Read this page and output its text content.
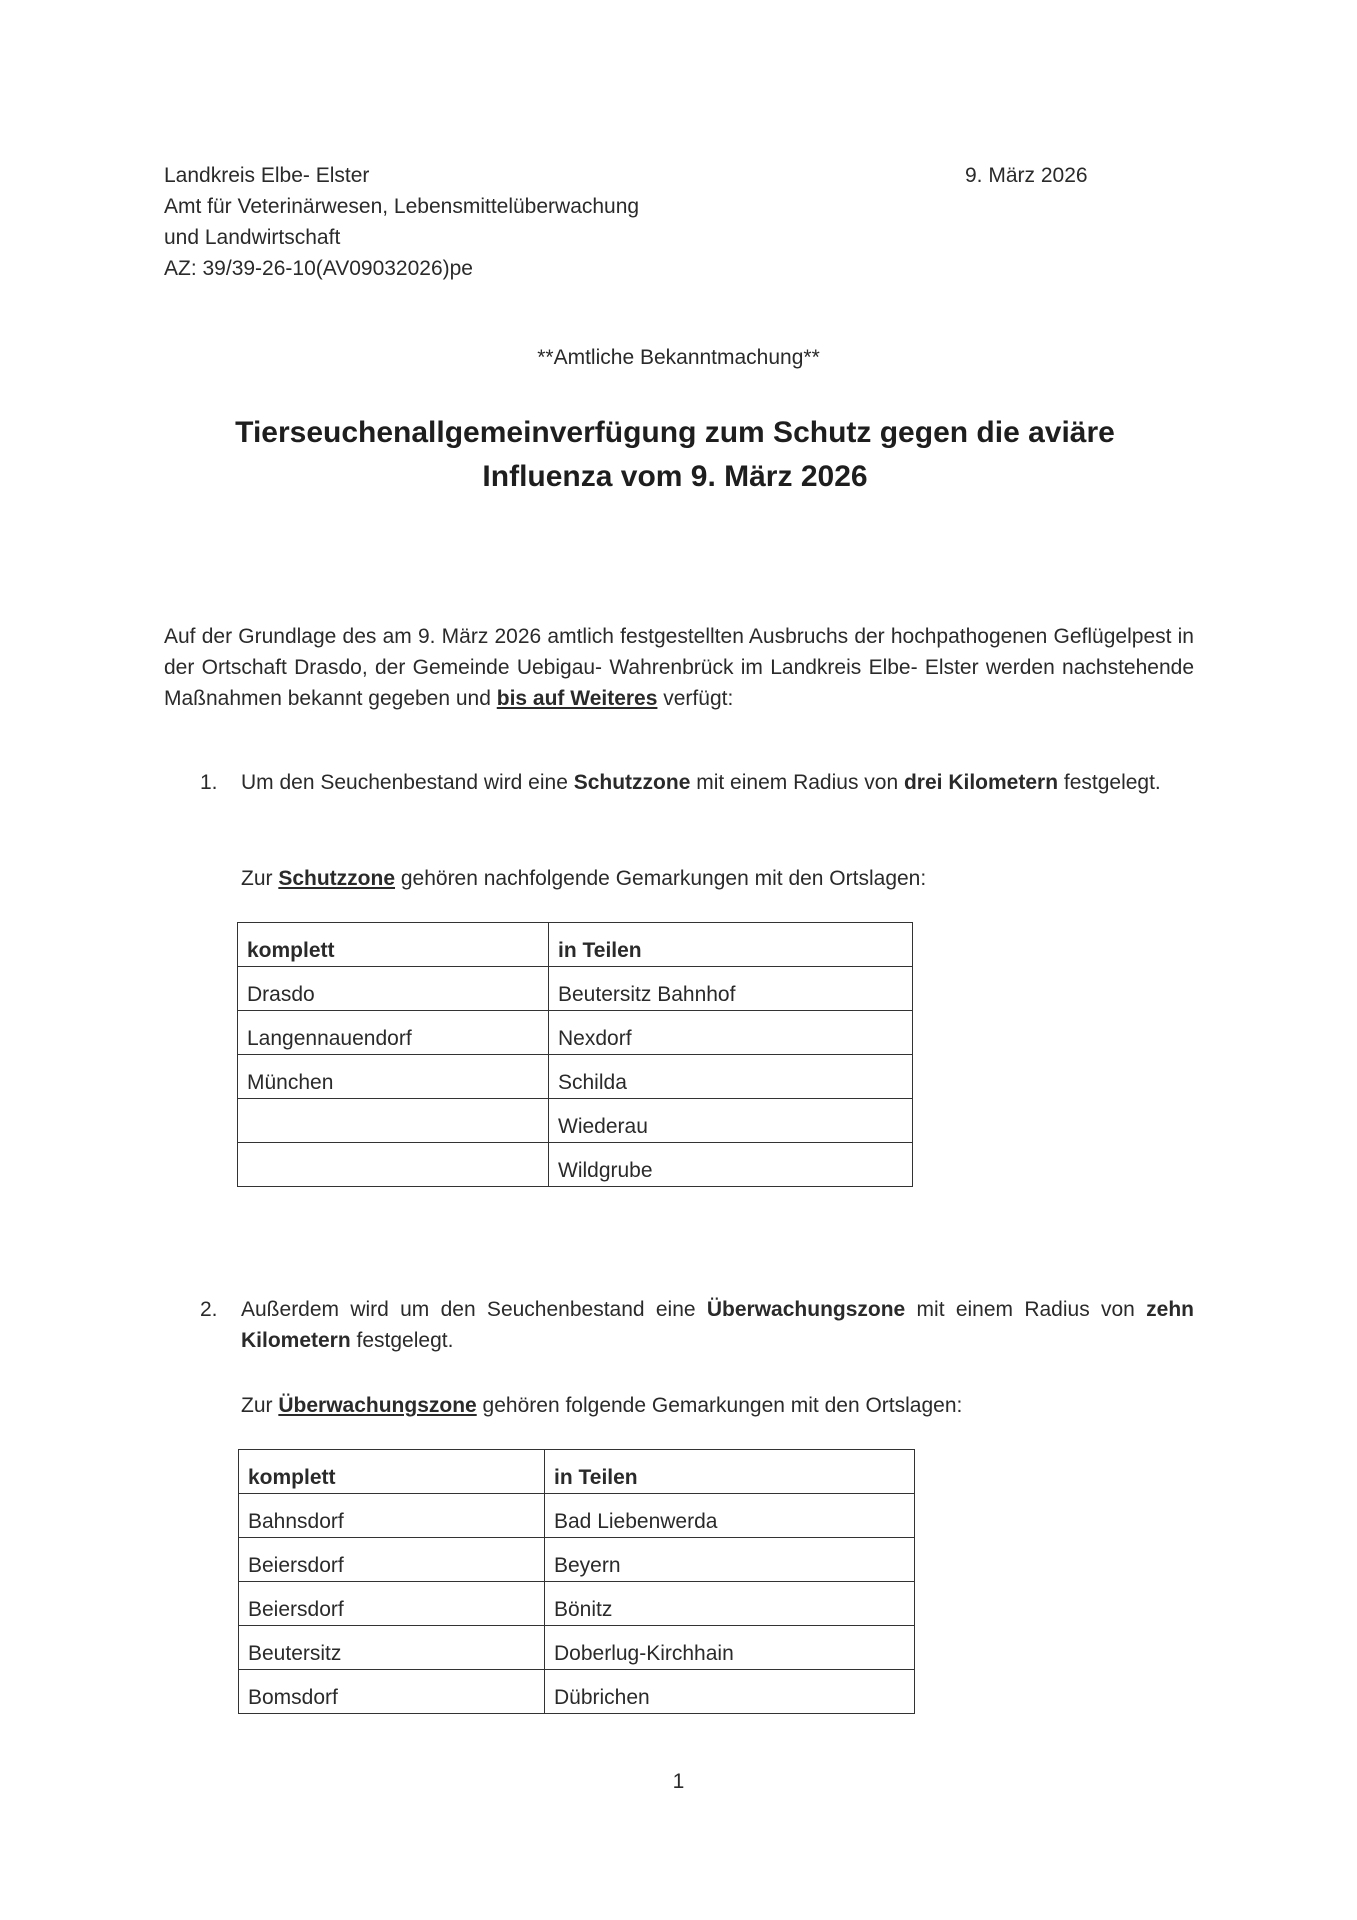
Landkreis Elbe- Elster
Amt für Veterinärwesen, Lebensmittelüberwachung
und Landwirtschaft
AZ: 39/39-26-10(AV09032026)pe
9. März 2026
**Amtliche Bekanntmachung**
Tierseuchenallgemeinverfügung zum Schutz gegen die aviäre
Influenza vom 9. März 2026
Auf der Grundlage des am 9. März 2026 amtlich festgestellten Ausbruchs der hochpathogenen Geflügelpest in der Ortschaft Drasdo, der Gemeinde Uebigau- Wahrenbrück im Landkreis Elbe- Elster werden nachstehende Maßnahmen bekannt gegeben und bis auf Weiteres verfügt:
1. Um den Seuchenbestand wird eine Schutzzone mit einem Radius von drei Kilometern festgelegt.
Zur Schutzzone gehören nachfolgende Gemarkungen mit den Ortslagen:
komplett	in Teilen
Drasdo	Beutersitz Bahnhof
Langennauendorf	Nexdorf
München	Schilda
	Wiederau
	Wildgrube
2. Außerdem wird um den Seuchenbestand eine Überwachungszone mit einem Radius von zehn Kilometern festgelegt.
Zur Überwachungszone gehören folgende Gemarkungen mit den Ortslagen:
komplett	in Teilen
Bahnsdorf	Bad Liebenwerda
Beiersdorf	Beyern
Beiersdorf	Bönitz
Beutersitz	Doberlug-Kirchhain
Bomsdorf	Dübrichen
1
